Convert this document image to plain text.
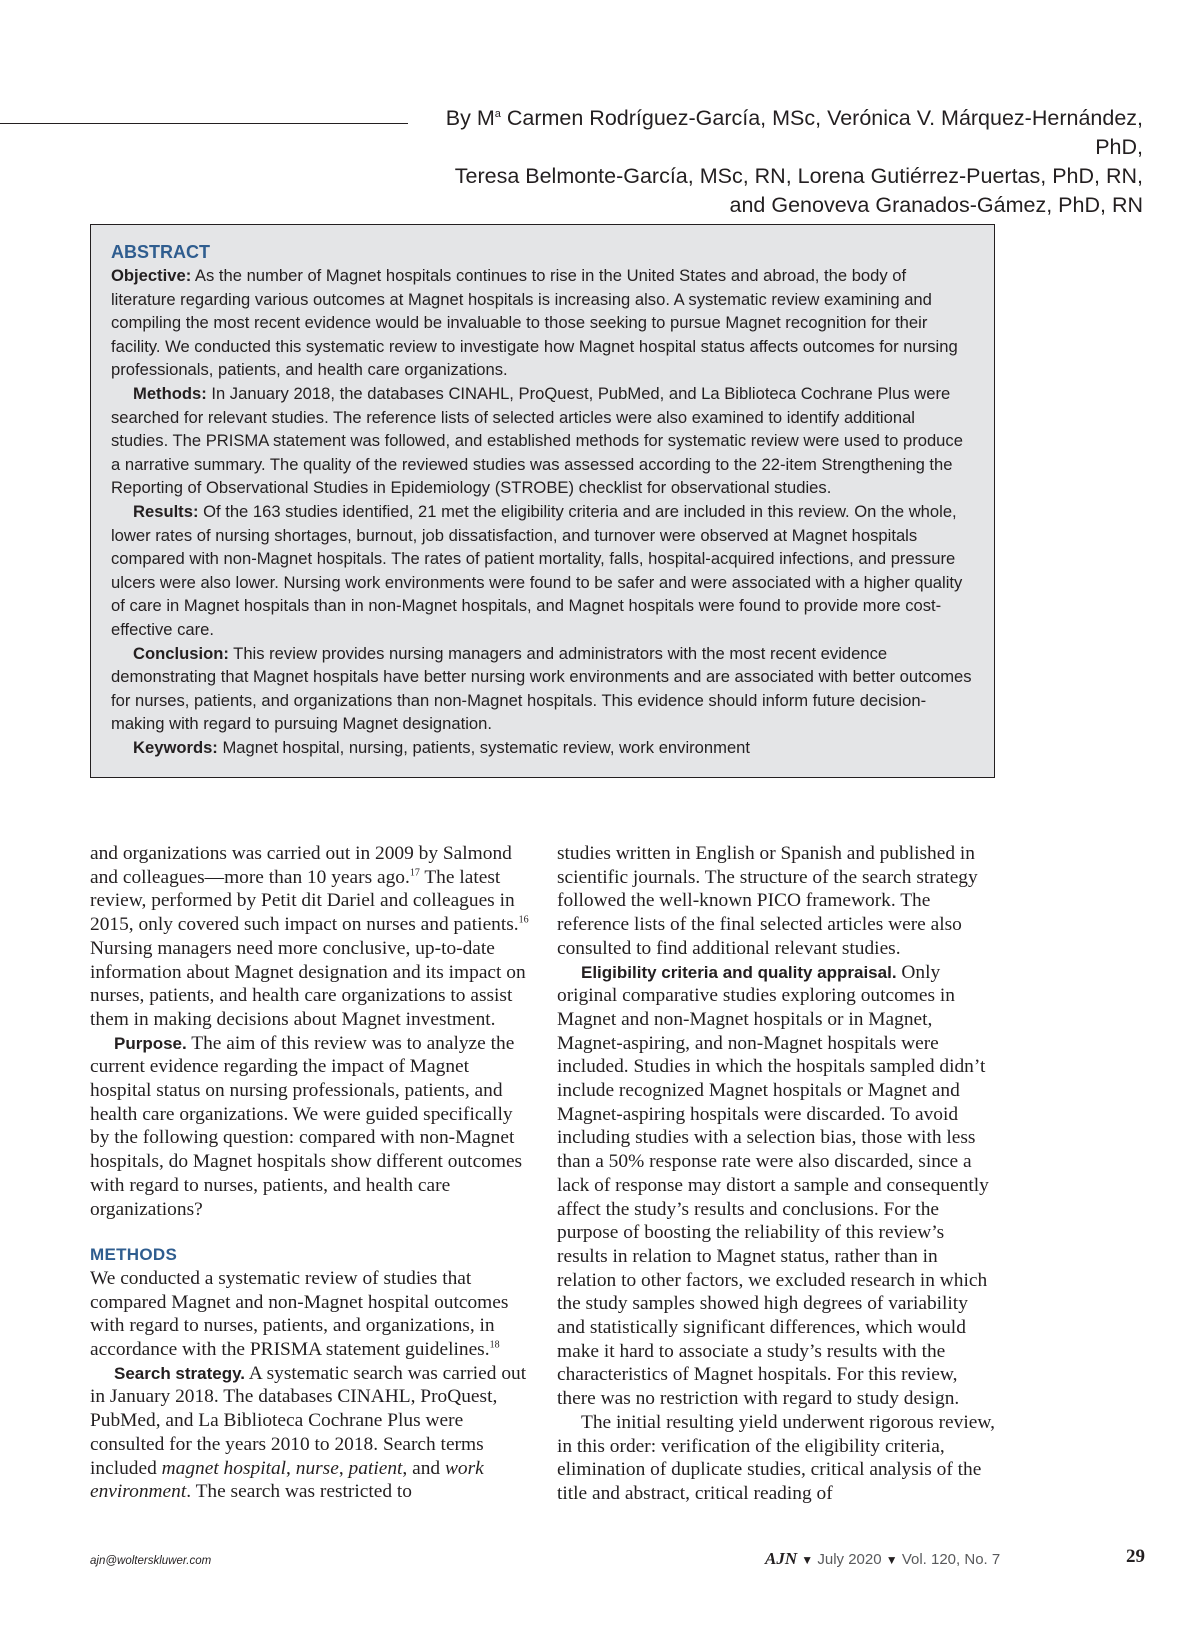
By $M^a$ Carmen Rodríguez-García, MSc, Verónica V. Márquez-Hernández, PhD,
Teresa Belmonte-García, MSc, RN, Lorena Gutiérrez-Puertas, PhD, RN,
and Genoveva Granados-Gámez, PhD, RN
ABSTRACT

Objective: As the number of Magnet hospitals continues to rise in the United States and abroad, the body of literature regarding various outcomes at Magnet hospitals is increasing also. A systematic review examining and compiling the most recent evidence would be invaluable to those seeking to pursue Magnet recognition for their facility. We conducted this systematic review to investigate how Magnet hospital status affects outcomes for nursing professionals, patients, and health care organizations.

Methods: In January 2018, the databases CINAHL, ProQuest, PubMed, and La Biblioteca Cochrane Plus were searched for relevant studies. The reference lists of selected articles were also examined to identify additional studies. The PRISMA statement was followed, and established methods for systematic review were used to produce a narrative summary. The quality of the reviewed studies was assessed according to the 22-item Strengthening the Reporting of Observational Studies in Epidemiology (STROBE) checklist for observational studies.

Results: Of the 163 studies identified, 21 met the eligibility criteria and are included in this review. On the whole, lower rates of nursing shortages, burnout, job dissatisfaction, and turnover were observed at Magnet hospitals compared with non-Magnet hospitals. The rates of patient mortality, falls, hospital-acquired infections, and pressure ulcers were also lower. Nursing work environments were found to be safer and were associated with a higher quality of care in Magnet hospitals than in non-Magnet hospitals, and Magnet hospitals were found to provide more cost-effective care.

Conclusion: This review provides nursing managers and administrators with the most recent evidence demonstrating that Magnet hospitals have better nursing work environments and are associated with better outcomes for nurses, patients, and organizations than non-Magnet hospitals. This evidence should inform future decision-making with regard to pursuing Magnet designation.

Keywords: Magnet hospital, nursing, patients, systematic review, work environment

and organizations was carried out in 2009 by Salmond and colleagues—more than 10 years ago.$^{17}$ The latest review, performed by Petit dit Dariel and colleagues in 2015, only covered such impact on nurses and patients.$^{16}$ Nursing managers need more conclusive, up-to-date information about Magnet designation and its impact on nurses, patients, and health care organizations to assist them in making decisions about Magnet investment.

Purpose. The aim of this review was to analyze the current evidence regarding the impact of Magnet hospital status on nursing professionals, patients, and health care organizations. We were guided specifically by the following question: compared with non-Magnet hospitals, do Magnet hospitals show different outcomes with regard to nurses, patients, and health care organizations?

METHODS

We conducted a systematic review of studies that compared Magnet and non-Magnet hospital outcomes with regard to nurses, patients, and organizations, in accordance with the PRISMA statement guidelines.$^{18}$

Search strategy. A systematic search was carried out in January 2018. The databases CINAHL, ProQuest, PubMed, and La Biblioteca Cochrane Plus were consulted for the years 2010 to 2018. Search terms included magnet hospital, nurse, patient, and work environment. The search was restricted to

studies written in English or Spanish and published in scientific journals. The structure of the search strategy followed the well-known PICO framework. The reference lists of the final selected articles were also consulted to find additional relevant studies.

Eligibility criteria and quality appraisal. Only original comparative studies exploring outcomes in Magnet and non-Magnet hospitals or in Magnet, Magnet-aspiring, and non-Magnet hospitals were included. Studies in which the hospitals sampled didn’t include recognized Magnet hospitals or Magnet and Magnet-aspiring hospitals were discarded. To avoid including studies with a selection bias, those with less than a 50% response rate were also discarded, since a lack of response may distort a sample and consequently affect the study’s results and conclusions. For the purpose of boosting the reliability of this review’s results in relation to Magnet status, rather than in relation to other factors, we excluded research in which the study samples showed high degrees of variability and statistically significant differences, which would make it hard to associate a study’s results with the characteristics of Magnet hospitals. For this review, there was no restriction with regard to study design.

The initial resulting yield underwent rigorous review, in this order: verification of the eligibility criteria, elimination of duplicate studies, critical analysis of the title and abstract, critical reading of

ajn@wolterskluwer.com	AJN ▼ July 2020 ▼ Vol. 120, No. 7	29
